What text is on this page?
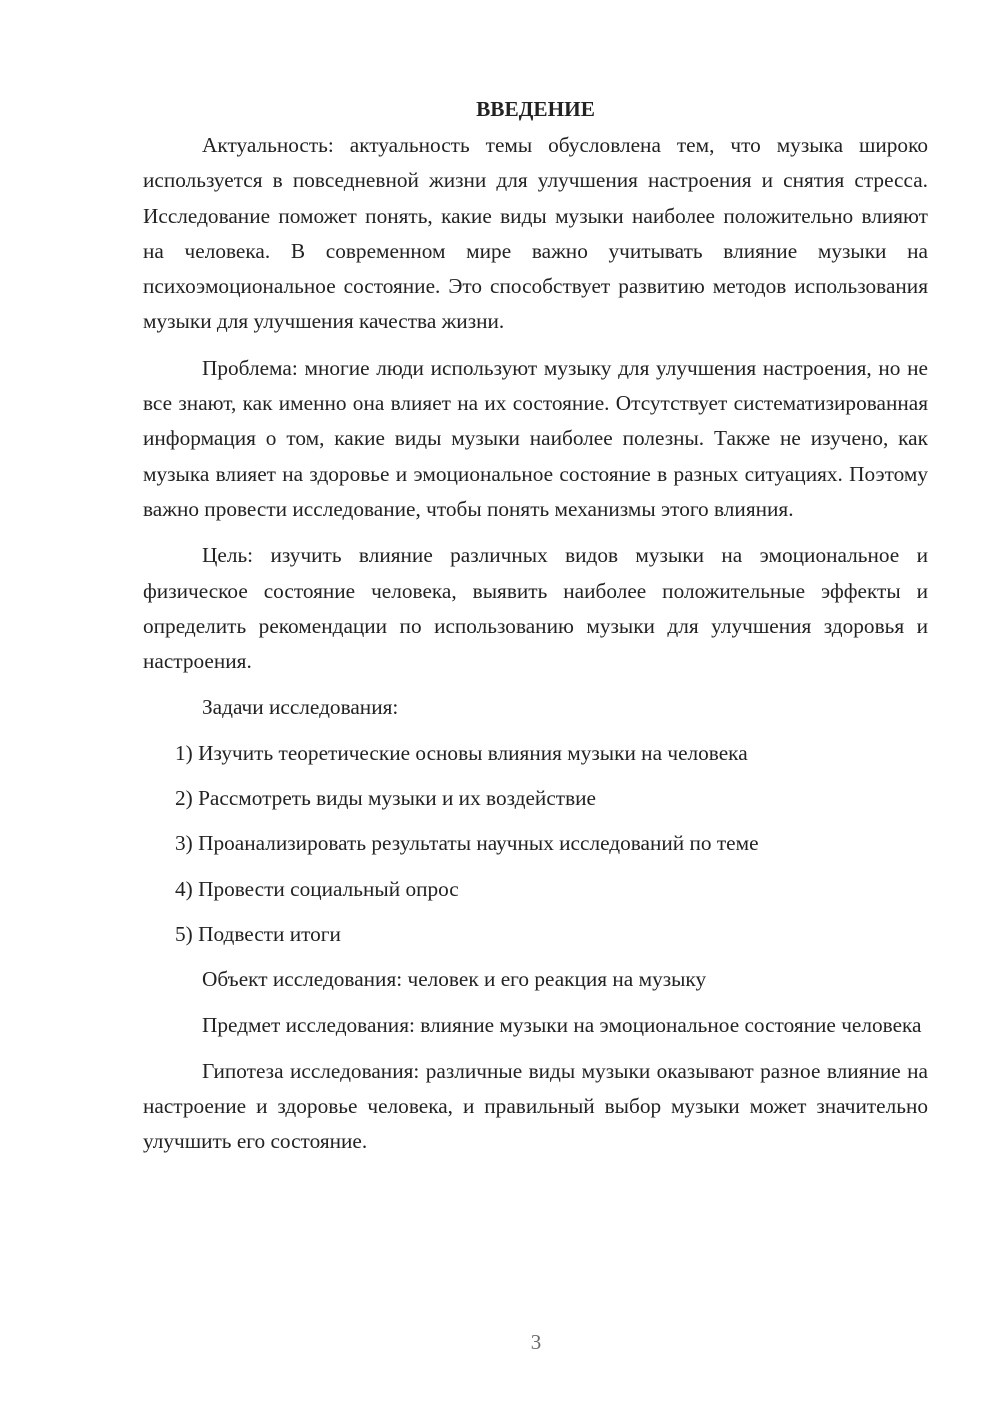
ВВЕДЕНИЕ

Актуальность: актуальность темы обусловлена тем, что музыка широко используется в повседневной жизни для улучшения настроения и снятия стресса. Исследование поможет понять, какие виды музыки наиболее положительно влияют на человека. В современном мире важно учитывать влияние музыки на психоэмоциональное состояние. Это способствует развитию методов использования музыки для улучшения качества жизни.

Проблема: многие люди используют музыку для улучшения настроения, но не все знают, как именно она влияет на их состояние. Отсутствует систематизированная информация о том, какие виды музыки наиболее полезны. Также не изучено, как музыка влияет на здоровье и эмоциональное состояние в разных ситуациях. Поэтому важно провести исследование, чтобы понять механизмы этого влияния.

Цель: изучить влияние различных видов музыки на эмоциональное и физическое состояние человека, выявить наиболее положительные эффекты и определить рекомендации по использованию музыки для улучшения здоровья и настроения.

Задачи исследования:

1) Изучить теоретические основы влияния музыки на человека
2) Рассмотреть виды музыки и их воздействие
3) Проанализировать результаты научных исследований по теме
4) Провести социальный опрос
5) Подвести итоги

Объект исследования: человек и его реакция на музыку

Предмет исследования: влияние музыки на эмоциональное состояние человека

Гипотеза исследования: различные виды музыки оказывают разное влияние на настроение и здоровье человека, и правильный выбор музыки может значительно улучшить его состояние.

3
